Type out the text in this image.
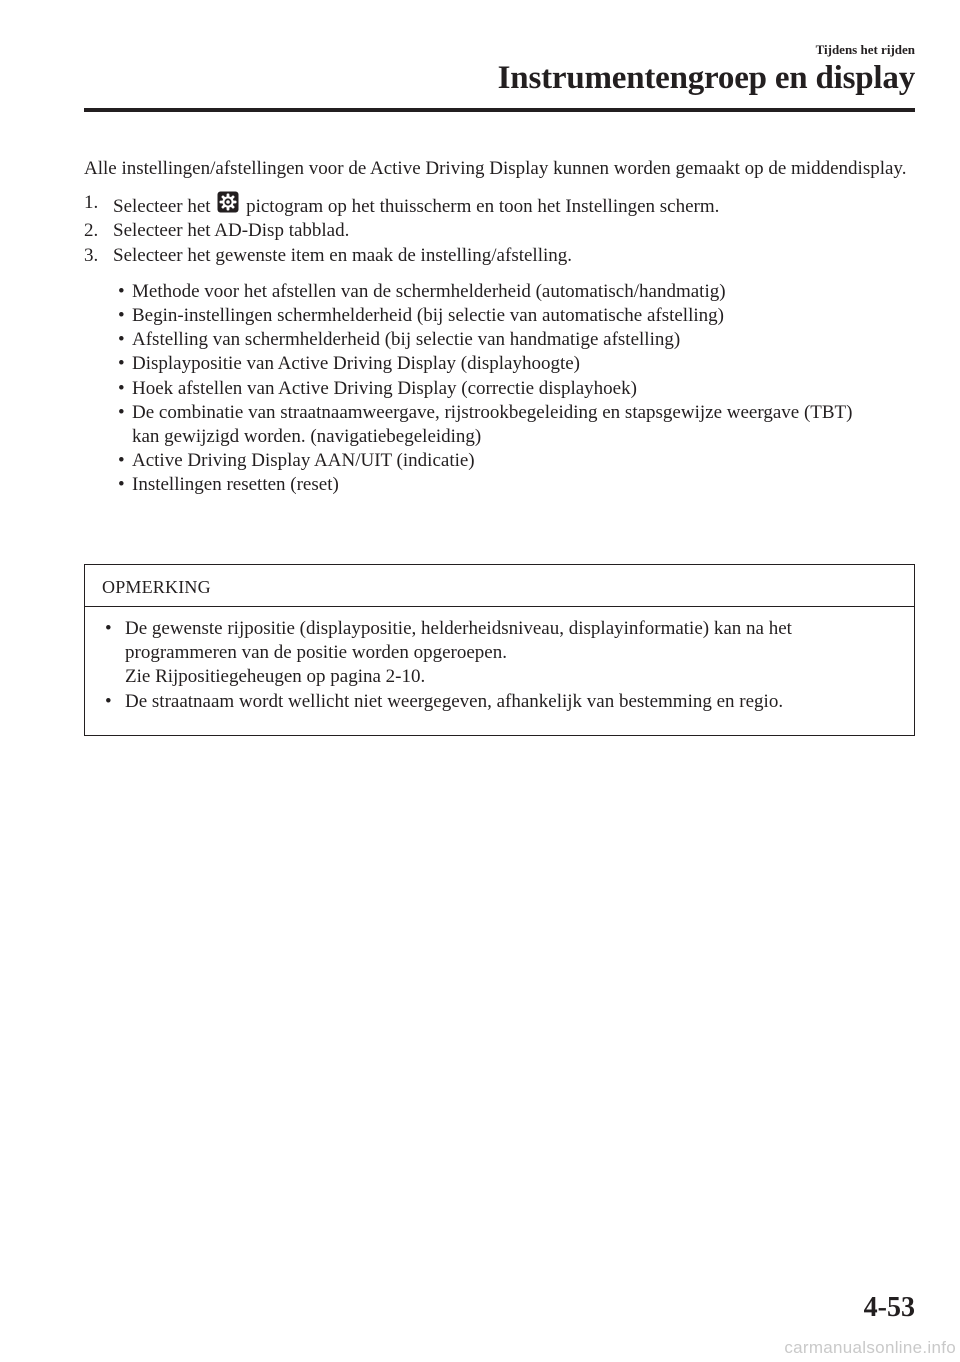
Tijdens het rijden
Instrumentengroep en display

Alle instellingen/afstellingen voor de Active Driving Display kunnen worden gemaakt op de middendisplay.

1. Selecteer het pictogram op het thuisscherm en toon het Instellingen scherm.
2. Selecteer het AD-Disp tabblad.
3. Selecteer het gewenste item en maak de instelling/afstelling.
• Methode voor het afstellen van de schermhelderheid (automatisch/handmatig)
• Begin-instellingen schermhelderheid (bij selectie van automatische afstelling)
• Afstelling van schermhelderheid (bij selectie van handmatige afstelling)
• Displaypositie van Active Driving Display (displayhoogte)
• Hoek afstellen van Active Driving Display (correctie displayhoek)
• De combinatie van straatnaamweergave, rijstrookbegeleiding en stapsgewijze weergave (TBT) kan gewijzigd worden. (navigatiebegeleiding)
• Active Driving Display AAN/UIT (indicatie)
• Instellingen resetten (reset)
OPMERKING
• De gewenste rijpositie (displaypositie, helderheidsniveau, displayinformatie) kan na het programmeren van de positie worden opgeroepen.
Zie Rijpositiegeheugen op pagina 2-10.
• De straatnaam wordt wellicht niet weergegeven, afhankelijk van bestemming en regio.
4-53
carmanualsonline.info
